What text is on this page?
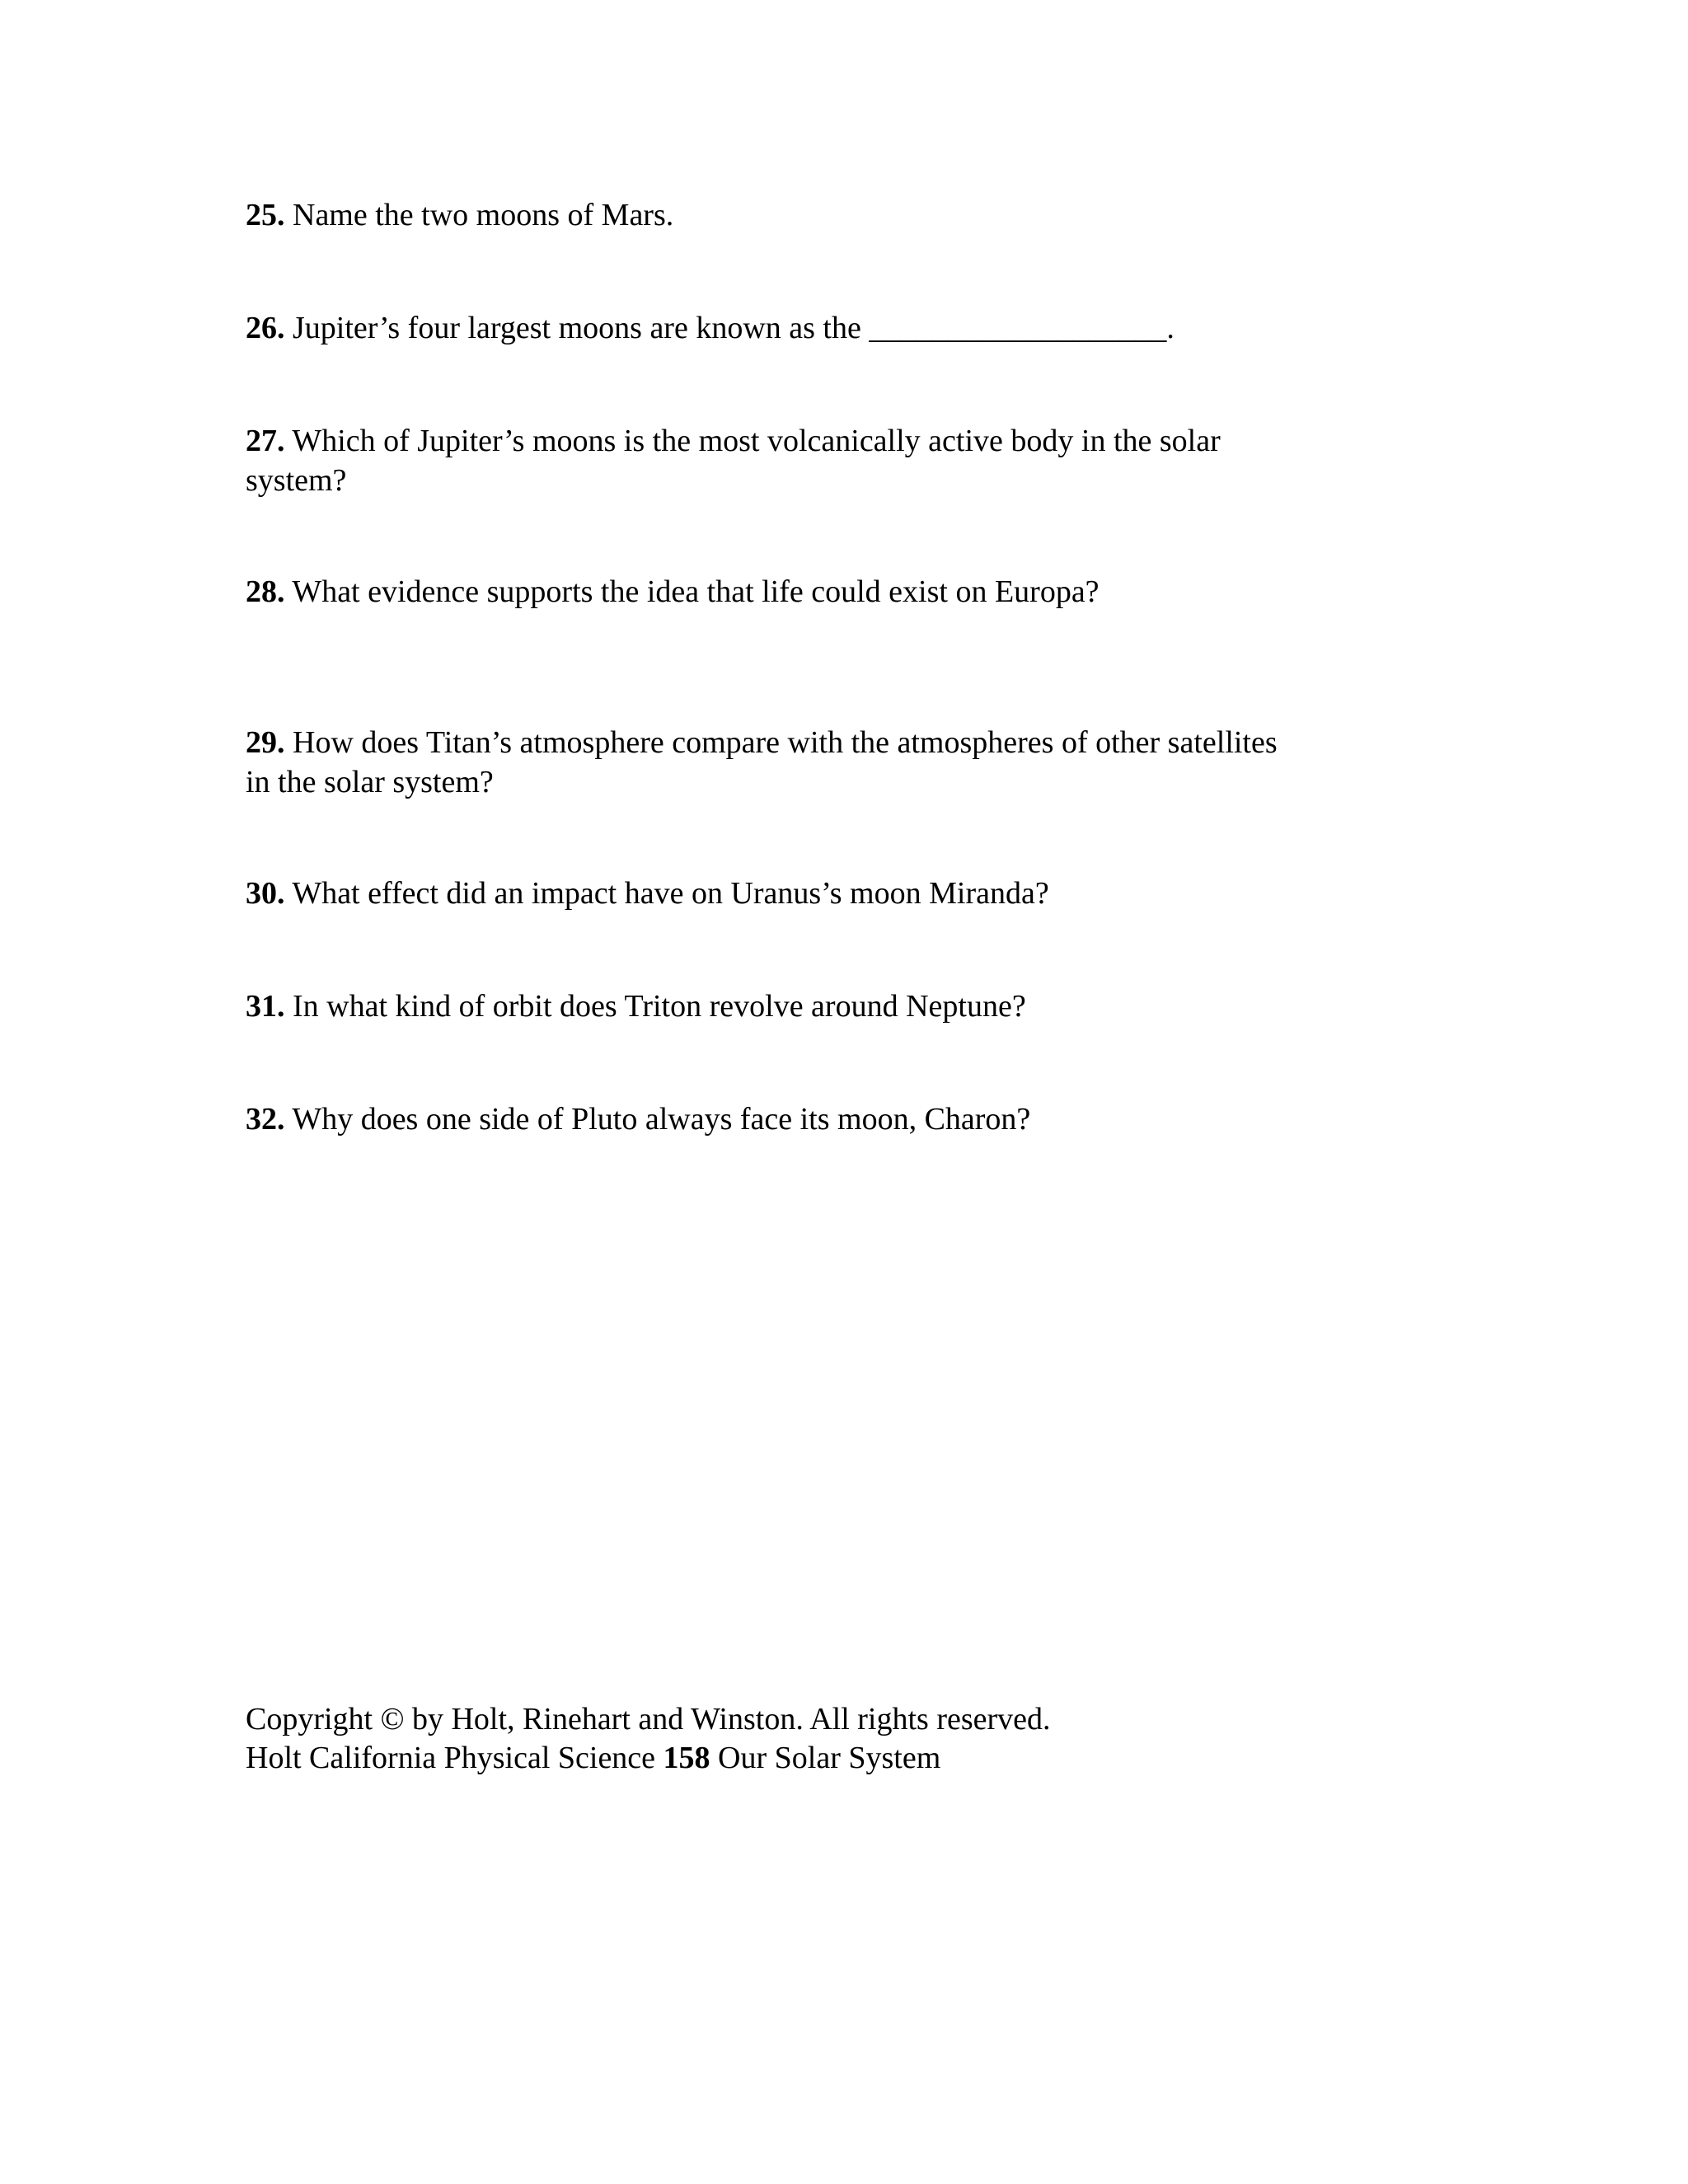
25. Name the two moons of Mars.

26. Jupiter’s four largest moons are known as the ___________________.

27. Which of Jupiter’s moons is the most volcanically active body in the solar system?

28. What evidence supports the idea that life could exist on Europa?

29. How does Titan’s atmosphere compare with the atmospheres of other satellites in the solar system?

30. What effect did an impact have on Uranus’s moon Miranda?

31. In what kind of orbit does Triton revolve around Neptune?

32. Why does one side of Pluto always face its moon, Charon?

Copyright © by Holt, Rinehart and Winston. All rights reserved.
Holt California Physical Science 158 Our Solar System
